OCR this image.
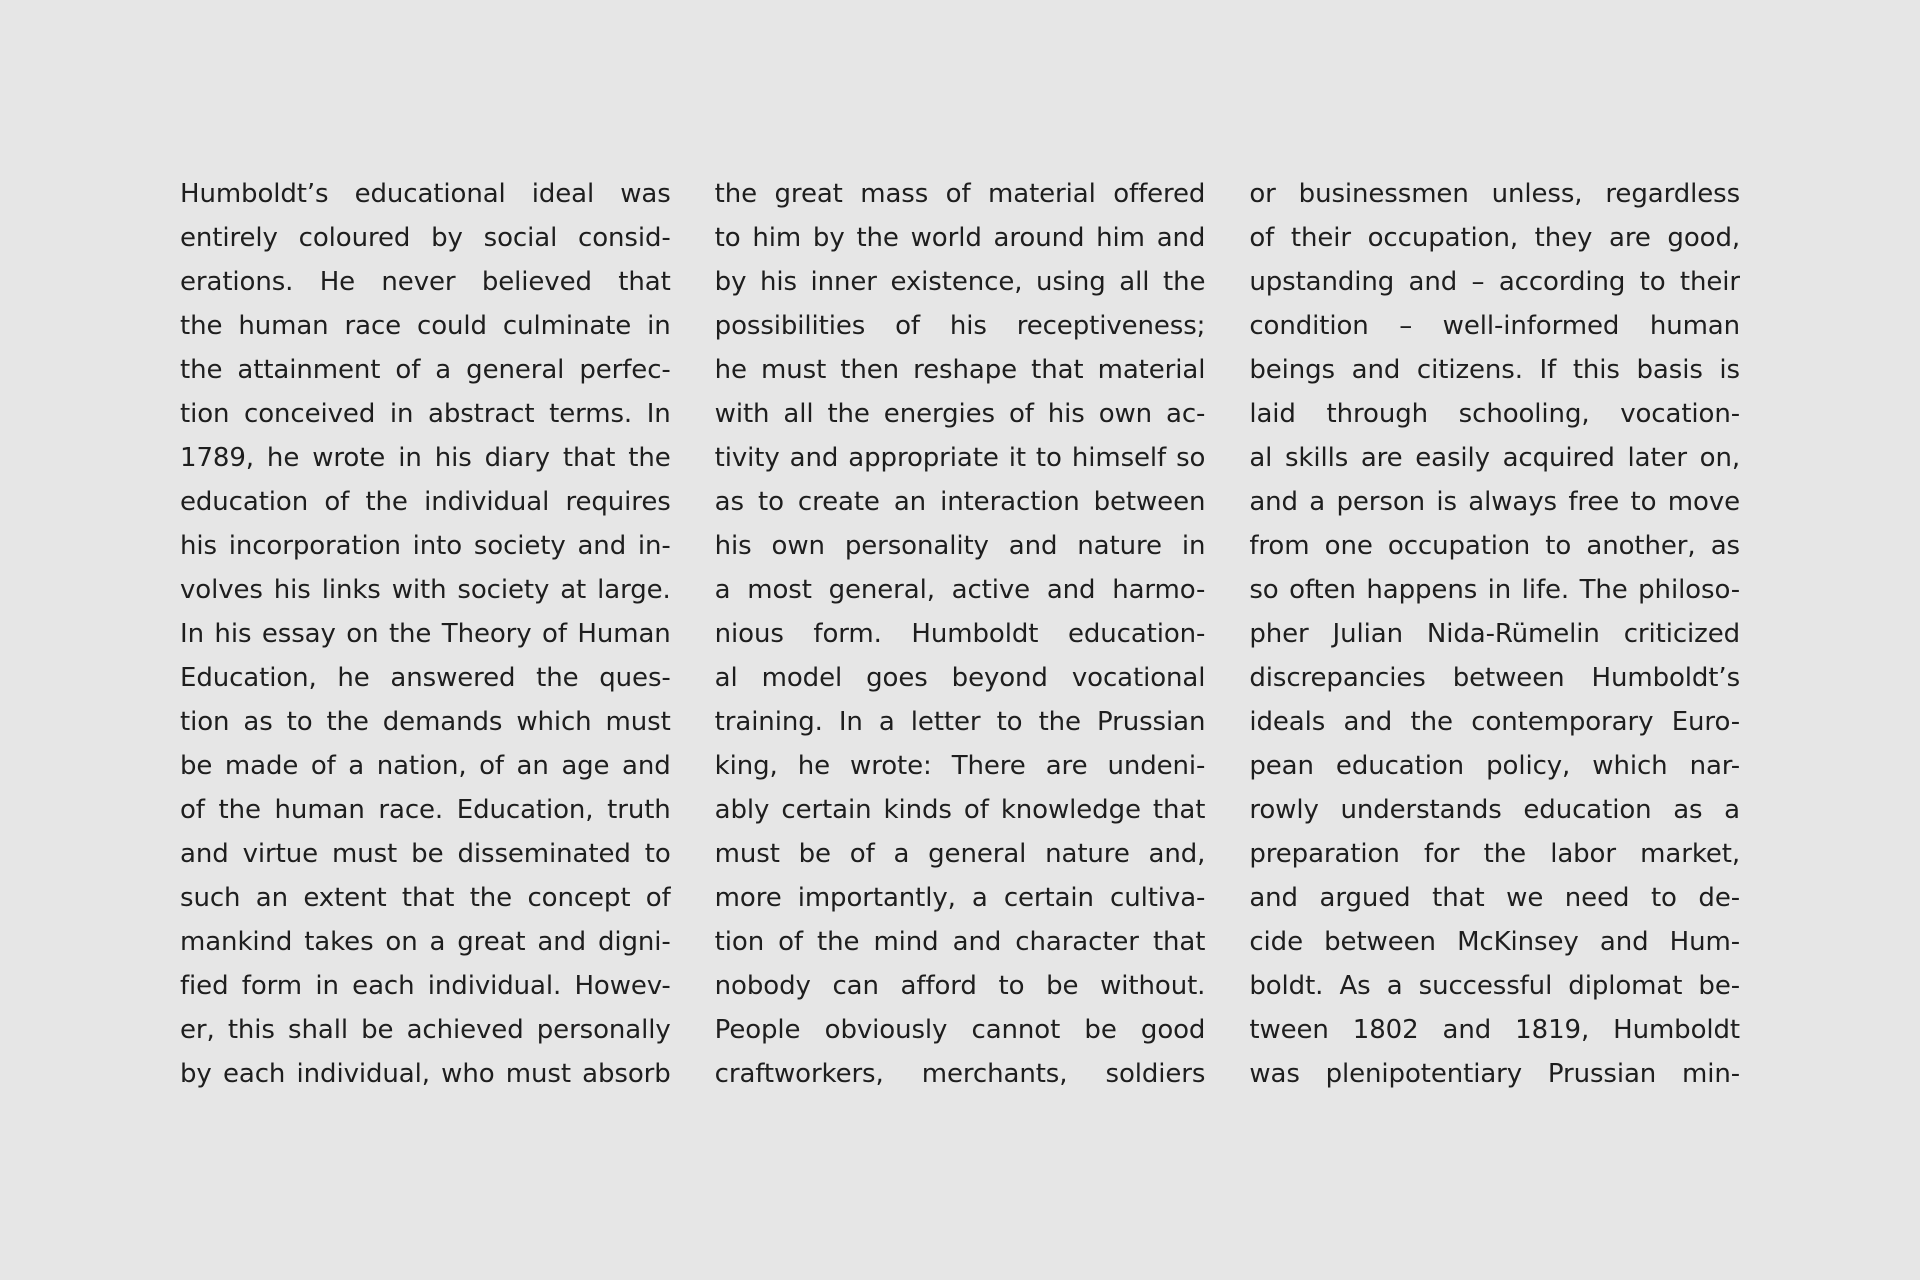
Humboldt’s educational ideal was
entirely coloured by social consid-
erations. He never believed that
the human race could culminate in
the attainment of a general perfec-
tion conceived in abstract terms. In
1789, he wrote in his diary that the
education of the individual requires
his incorporation into society and in-
volves his links with society at large.
In his essay on the Theory of Human
Education, he answered the ques-
tion as to the demands which must
be made of a nation, of an age and
of the human race. Education, truth
and virtue must be disseminated to
such an extent that the concept of
mankind takes on a great and digni-
fied form in each individual. Howev-
er, this shall be achieved personally
by each individual, who must absorb
the great mass of material offered
to him by the world around him and
by his inner existence, using all the
possibilities of his receptiveness;
he must then reshape that material
with all the energies of his own ac-
tivity and appropriate it to himself so
as to create an interaction between
his own personality and nature in
a most general, active and harmo-
nious form. Humboldt education-
al model goes beyond vocational
training. In a letter to the Prussian
king, he wrote: There are undeni-
ably certain kinds of knowledge that
must be of a general nature and,
more importantly, a certain cultiva-
tion of the mind and character that
nobody can afford to be without.
People obviously cannot be good
craftworkers, merchants, soldiers
or businessmen unless, regardless
of their occupation, they are good,
upstanding and – according to their
condition – well-informed human
beings and citizens. If this basis is
laid through schooling, vocation-
al skills are easily acquired later on,
and a person is always free to move
from one occupation to another, as
so often happens in life. The philoso-
pher Julian Nida-Rümelin criticized
discrepancies between Humboldt’s
ideals and the contemporary Euro-
pean education policy, which nar-
rowly understands education as a
preparation for the labor market,
and argued that we need to de-
cide between McKinsey and Hum-
boldt. As a successful diplomat be-
tween 1802 and 1819, Humboldt
was plenipotentiary Prussian min-
